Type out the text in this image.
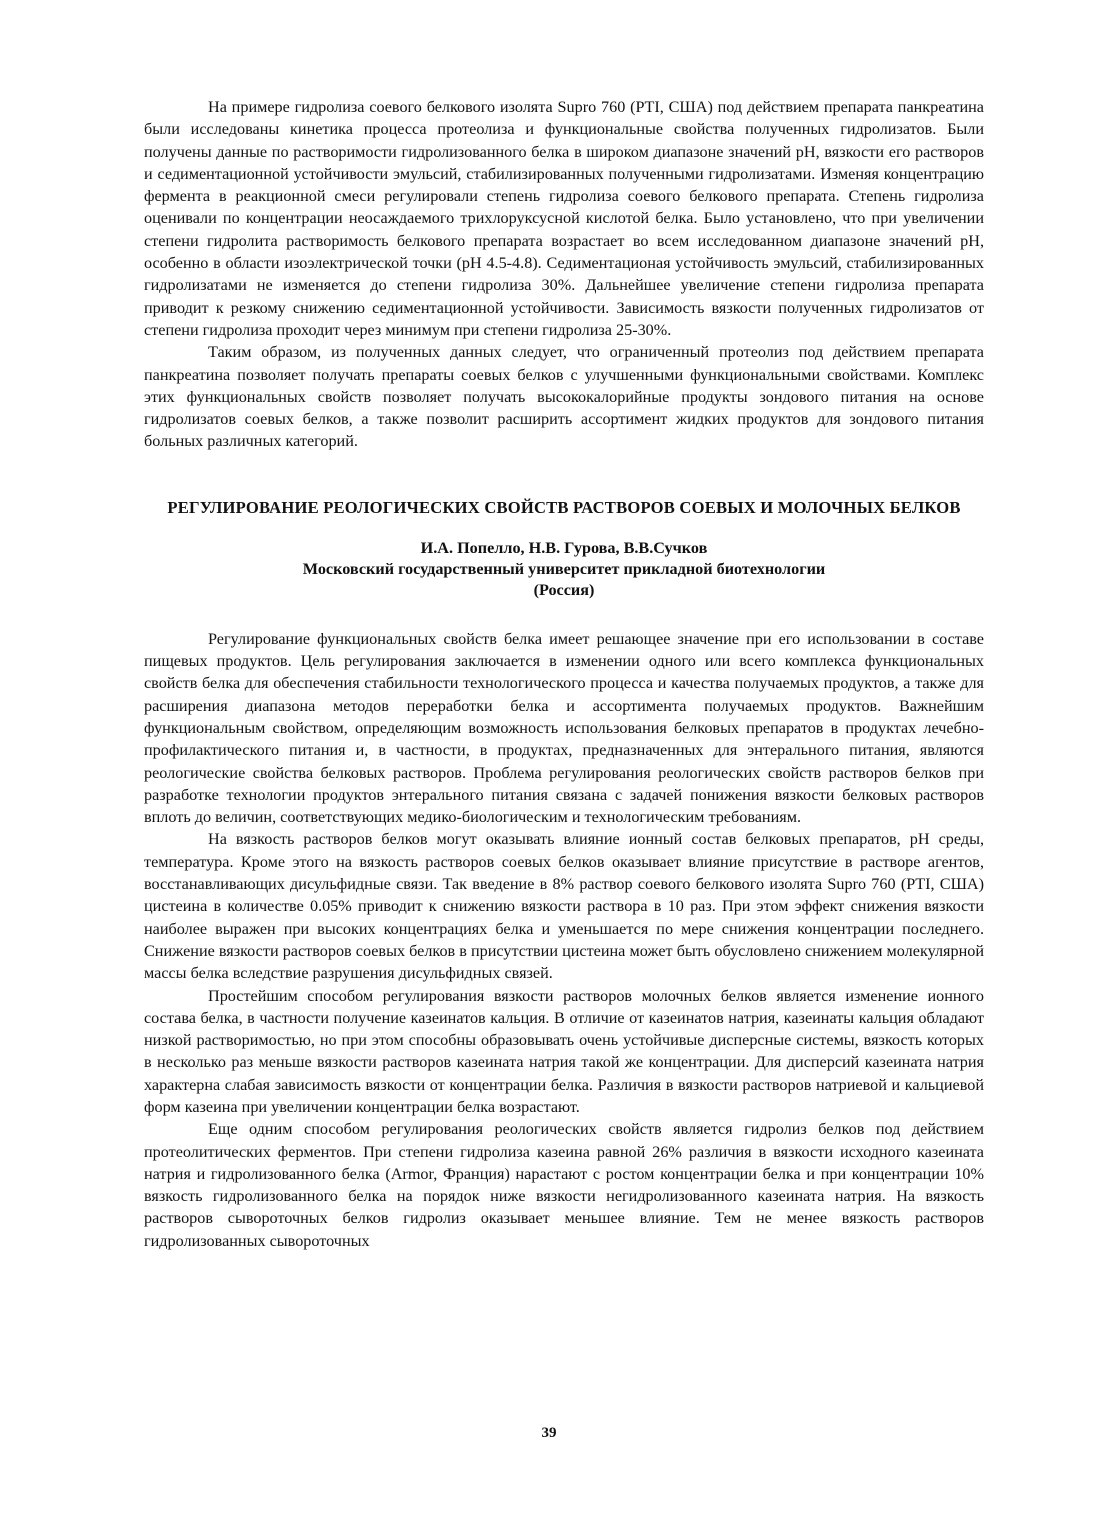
На примере гидролиза соевого белкового изолята Supro 760 (PTI, США) под действием препарата панкреатина были исследованы кинетика процесса протеолиза и функциональные свойства полученных гидролизатов. Были получены данные по растворимости гидролизованного белка в широком диапазоне значений pH, вязкости его растворов и седиментационной устойчивости эмульсий, стабилизированных полученными гидролизатами. Изменяя концентрацию фермента в реакционной смеси регулировали степень гидролиза соевого белкового препарата. Степень гидролиза оценивали по концентрации неосаждаемого трихлоруксусной кислотой белка. Было установлено, что при увеличении степени гидролита растворимость белкового препарата возрастает во всем исследованном диапазоне значений pH, особенно в области изоэлектрической точки (pH 4.5-4.8). Седиментационая устойчивость эмульсий, стабилизированных гидролизатами не изменяется до степени гидролиза 30%. Дальнейшее увеличение степени гидролиза препарата приводит к резкому снижению седиментационной устойчивости. Зависимость вязкости полученных гидролизатов от степени гидролиза проходит через минимум при степени гидролиза 25-30%.

Таким образом, из полученных данных следует, что ограниченный протеолиз под действием препарата панкреатина позволяет получать препараты соевых белков с улучшенными функциональными свойствами. Комплекс этих функциональных свойств позволяет получать высококалорийные продукты зондового питания на основе гидролизатов соевых белков, а также позволит расширить ассортимент жидких продуктов для зондового питания больных различных категорий.

РЕГУЛИРОВАНИЕ РЕОЛОГИЧЕСКИХ СВОЙСТВ РАСТВОРОВ СОЕВЫХ И МОЛОЧНЫХ БЕЛКОВ
И.А. Попелло, Н.В. Гурова, В.В.Сучков
Московский государственный университет прикладной биотехнологии
(Россия)

Регулирование функциональных свойств белка имеет решающее значение при его использовании в составе пищевых продуктов. Цель регулирования заключается в изменении одного или всего комплекса функциональных свойств белка для обеспечения стабильности технологического процесса и качества получаемых продуктов, а также для расширения диапазона методов переработки белка и ассортимента получаемых продуктов. Важнейшим функциональным свойством, определяющим возможность использования белковых препаратов в продуктах лечебно-профилактического питания и, в частности, в продуктах, предназначенных для энтерального питания, являются реологические свойства белковых растворов. Проблема регулирования реологических свойств растворов белков при разработке технологии продуктов энтерального питания связана с задачей понижения вязкости белковых растворов вплоть до величин, соответствующих медико-биологическим и технологическим требованиям.

На вязкость растворов белков могут оказывать влияние ионный состав белковых препаратов, pH среды, температура. Кроме этого на вязкость растворов соевых белков оказывает влияние присутствие в растворе агентов, восстанавливающих дисульфидные связи. Так введение в 8% раствор соевого белкового изолята Supro 760 (PTI, США) цистеина в количестве 0.05% приводит к снижению вязкости раствора в 10 раз. При этом эффект снижения вязкости наиболее выражен при высоких концентрациях белка и уменьшается по мере снижения концентрации последнего. Снижение вязкости растворов соевых белков в присутствии цистеина может быть обусловлено снижением молекулярной массы белка вследствие разрушения дисульфидных связей.

Простейшим способом регулирования вязкости растворов молочных белков является изменение ионного состава белка, в частности получение казеинатов кальция. В отличие от казеинатов натрия, казеинаты кальция обладают низкой растворимостью, но при этом способны образовывать очень устойчивые дисперсные системы, вязкость которых в несколько раз меньше вязкости растворов казеината натрия такой же концентрации. Для дисперсий казеината натрия характерна слабая зависимость вязкости от концентрации белка. Различия в вязкости растворов натриевой и кальциевой форм казеина при увеличении концентрации белка возрастают.

Еще одним способом регулирования реологических свойств является гидролиз белков под действием протеолитических ферментов. При степени гидролиза казеина равной 26% различия в вязкости исходного казеината натрия и гидролизованного белка (Armor, Франция) нарастают с ростом концентрации белка и при концентрации 10% вязкость гидролизованного белка на порядок ниже вязкости негидролизованного казеината натрия. На вязкость растворов сывороточных белков гидролиз оказывает меньшее влияние. Тем не менее вязкость растворов гидролизованных сывороточных

39
